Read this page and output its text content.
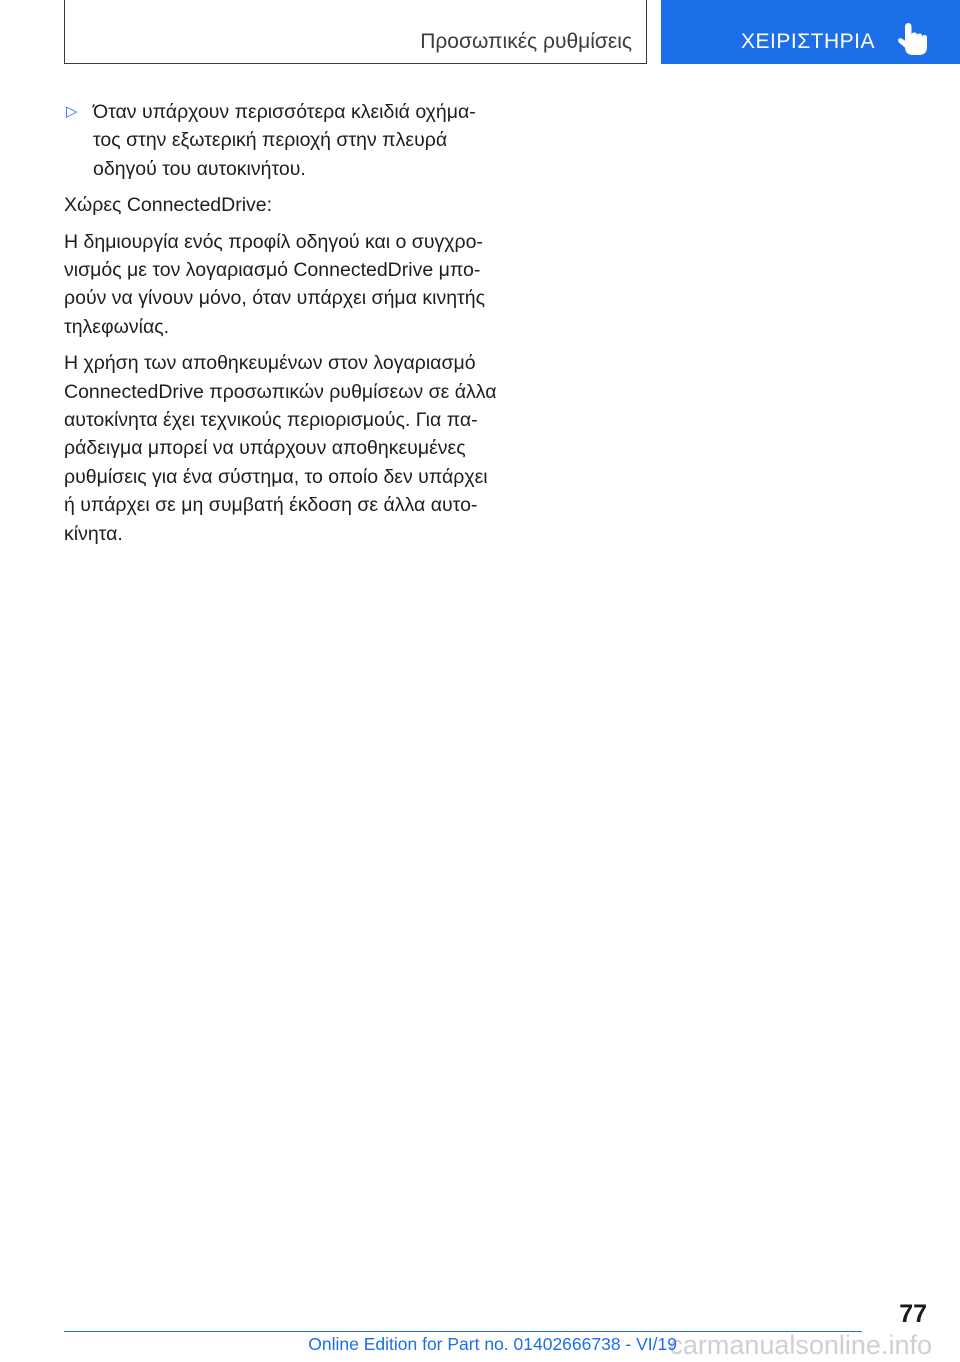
Προσωπικές ρυθμίσεις	ΧΕΙΡΙΣΤΗΡΙΑ
▷ Όταν υπάρχουν περισσότερα κλειδιά οχήμα-
τος στην εξωτερική περιοχή στην πλευρά
οδηγού του αυτοκινήτου.

Χώρες ConnectedDrive:

Η δημιουργία ενός προφίλ οδηγού και ο συγχρο-
νισμός με τον λογαριασμό ConnectedDrive μπο-
ρούν να γίνουν μόνο, όταν υπάρχει σήμα κινητής
τηλεφωνίας.

Η χρήση των αποθηκευμένων στον λογαριασμό
ConnectedDrive προσωπικών ρυθμίσεων σε άλλα
αυτοκίνητα έχει τεχνικούς περιορισμούς. Για πα-
ράδειγμα μπορεί να υπάρχουν αποθηκευμένες
ρυθμίσεις για ένα σύστημα, το οποίο δεν υπάρχει
ή υπάρχει σε μη συμβατή έκδοση σε άλλα αυτο-
κίνητα.

77
carmanualsonline.info
Online Edition for Part no. 01402666738 - VI/19
